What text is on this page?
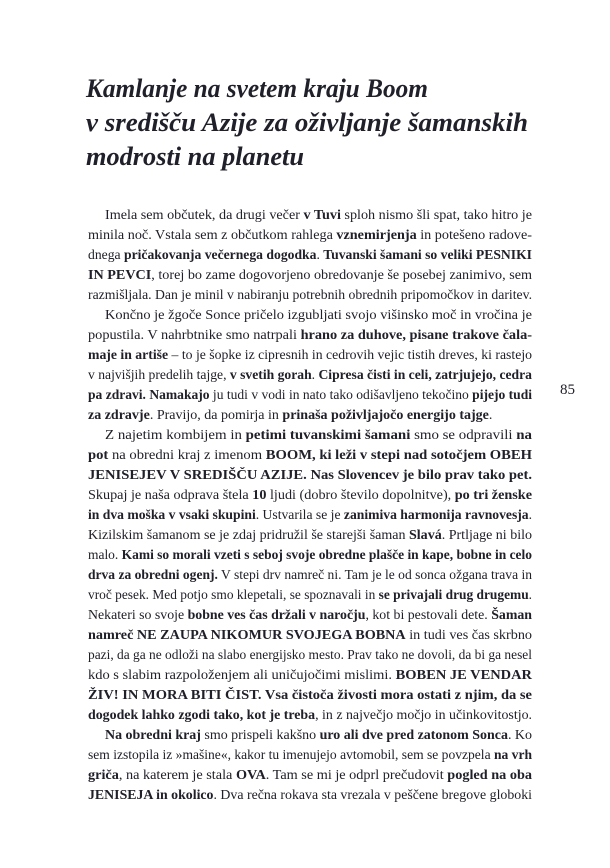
Kamlanje na svetem kraju Boom
v središču Azije za oživljanje šamanskih
modrosti na planetu
Imela sem občutek, da drugi večer v Tuvi sploh nismo šli spat, tako hitro je
minila noč. Vstala sem z občutkom rahlega vznemirjenja in potešeno radove-
dnega pričakovanja večernega dogodka. Tuvanski šamani so veliki PESNIKI
IN PEVCI, torej bo zame dogovorjeno obredovanje še posebej zanimivo, sem
razmišljala. Dan je minil v nabiranju potrebnih obrednih pripomočkov in daritev.
Končno je žgoče Sonce pričelo izgubljati svojo višinsko moč in vročina je
popustila. V nahrbtnike smo natrpali hrano za duhove, pisane trakove čala-
maje in artiše – to je šopke iz cipresnih in cedrovih vejic tistih dreves, ki rastejo
v najvišjih predelih tajge, v svetih gorah. Cipresa čisti in celi, zatrjujejo, cedra
pa zdravi. Namakajo ju tudi v vodi in nato tako odišavljeno tekočino pijejo tudi
za zdravje. Pravijo, da pomirja in prinaša poživljajočo energijo tajge.
Z najetim kombijem in petimi tuvanskimi šamani smo se odpravili na
pot na obredni kraj z imenom BOOM, ki leži v stepi nad sotočjem OBEH
JENISEJEV V SREDIŠČU AZIJE. Nas Slovencev je bilo prav tako pet.
Skupaj je naša odprava štela 10 ljudi (dobro število dopolnitve), po tri ženske
in dva moška v vsaki skupini. Ustvarila se je zanimiva harmonija ravnovesja.
Kizilskim šamanom se je zdaj pridružil še starejši šaman Slavá. Prtljage ni bilo
malo. Kami so morali vzeti s seboj svoje obredne plašče in kape, bobne in celo
drva za obredni ogenj. V stepi drv namreč ni. Tam je le od sonca ožgana trava in
vroč pesek. Med potjo smo klepetali, se spoznavali in se privajali drug drugemu.
Nekateri so svoje bobne ves čas držali v naročju, kot bi pestovali dete. Šaman
namreč NE ZAUPA NIKOMUR SVOJEGA BOBNA in tudi ves čas skrbno
pazi, da ga ne odloži na slabo energijsko mesto. Prav tako ne dovoli, da bi ga nesel
kdo s slabim razpoloženjem ali uničujočimi mislimi. BOBEN JE VENDAR
ŽIV! IN MORA BITI ČIST. Vsa čistoča živosti mora ostati z njim, da se
dogodek lahko zgodi tako, kot je treba, in z največjo močjo in učinkovitostjo.
Na obredni kraj smo prispeli kakšno uro ali dve pred zatonom Sonca. Ko
sem izstopila iz »mašine«, kakor tu imenujejo avtomobil, sem se povzpela na vrh
griča, na katerem je stala OVA. Tam se mi je odprl prečudovit pogled na oba
JENISEJA in okolico. Dva rečna rokava sta vrezala v peščene bregove globoki
85
